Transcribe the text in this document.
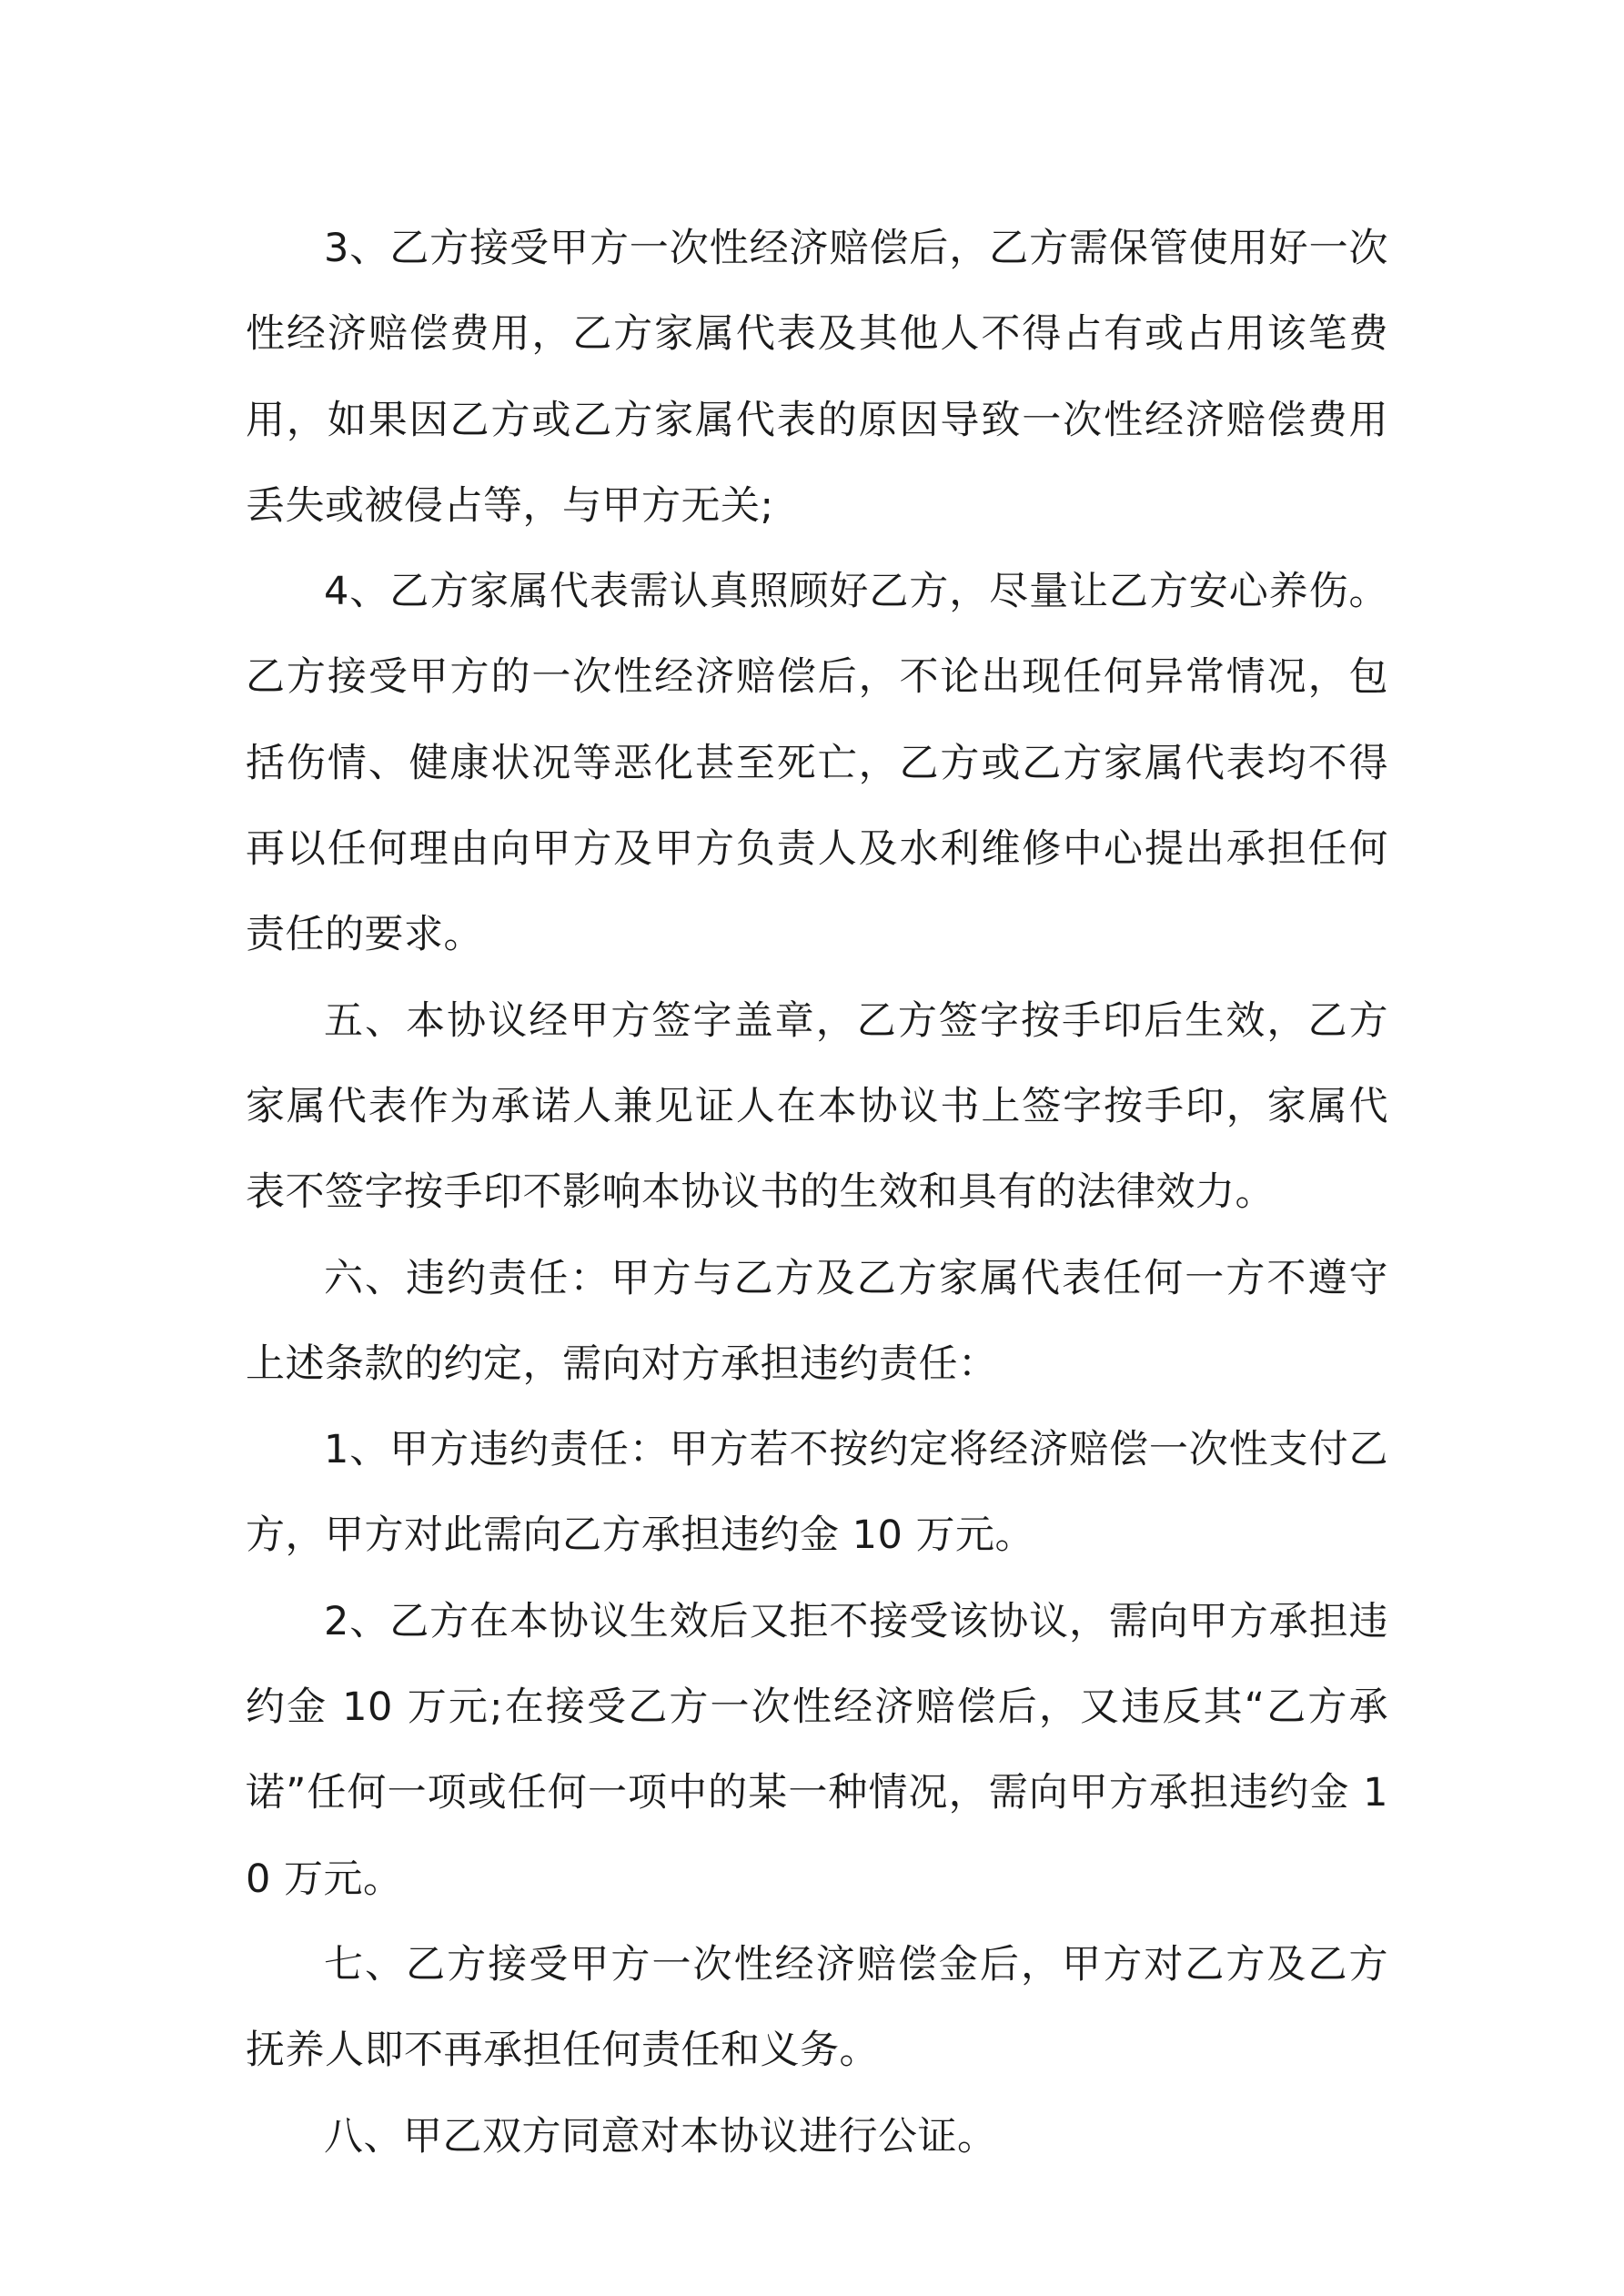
3、乙方接受甲方一次性经济赔偿后，乙方需保管使用好一次性经济赔偿费用，乙方家属代表及其他人不得占有或占用该笔费用，如果因乙方或乙方家属代表的原因导致一次性经济赔偿费用丢失或被侵占等，与甲方无关;

4、乙方家属代表需认真照顾好乙方，尽量让乙方安心养伤。乙方接受甲方的一次性经济赔偿后，不论出现任何异常情况，包括伤情、健康状况等恶化甚至死亡，乙方或乙方家属代表均不得再以任何理由向甲方及甲方负责人及水利维修中心提出承担任何责任的要求。

五、本协议经甲方签字盖章，乙方签字按手印后生效，乙方家属代表作为承诺人兼见证人在本协议书上签字按手印，家属代表不签字按手印不影响本协议书的生效和具有的法律效力。

六、违约责任：甲方与乙方及乙方家属代表任何一方不遵守上述条款的约定，需向对方承担违约责任：

1、甲方违约责任：甲方若不按约定将经济赔偿一次性支付乙方，甲方对此需向乙方承担违约金 10 万元。

2、乙方在本协议生效后又拒不接受该协议，需向甲方承担违约金 10 万元;在接受乙方一次性经济赔偿后，又违反其“乙方承诺”任何一项或任何一项中的某一种情况，需向甲方承担违约金 10 万元。

七、乙方接受甲方一次性经济赔偿金后，甲方对乙方及乙方抚养人即不再承担任何责任和义务。

八、甲乙双方同意对本协议进行公证。
